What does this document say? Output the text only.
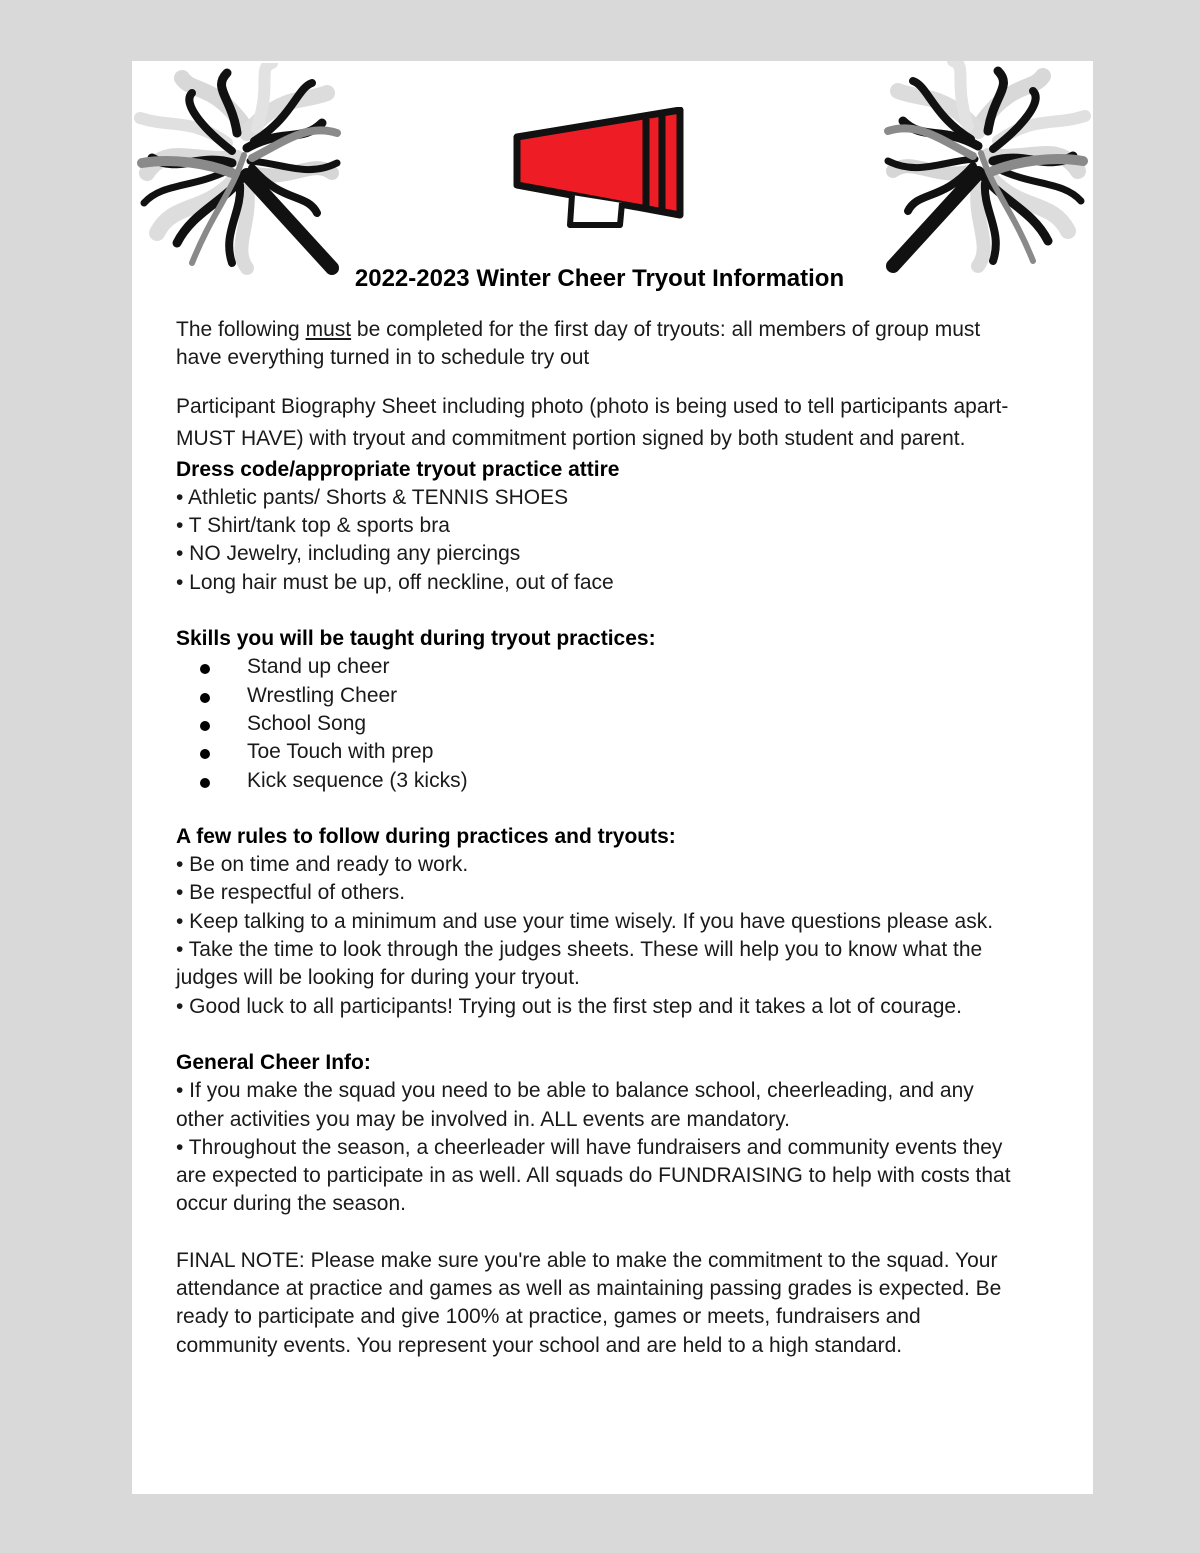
2022-2023 Winter Cheer Tryout Information

The following must be completed for the first day of tryouts: all members of group must have everything turned in to schedule try out

Participant Biography Sheet including photo (photo is being used to tell participants apart-MUST HAVE) with tryout and commitment portion signed by both student and parent.

Dress code/appropriate tryout practice attire
• Athletic pants/ Shorts & TENNIS SHOES
• T Shirt/tank top & sports bra
• NO Jewelry, including any piercings
• Long hair must be up, off neckline, out of face
Skills you will be taught during tryout practices:
Stand up cheer
Wrestling Cheer
School Song
Toe Touch with prep
Kick sequence (3 kicks)
A few rules to follow during practices and tryouts:
• Be on time and ready to work.
• Be respectful of others.
• Keep talking to a minimum and use your time wisely. If you have questions please ask.
• Take the time to look through the judges sheets. These will help you to know what the judges will be looking for during your tryout.
• Good luck to all participants! Trying out is the first step and it takes a lot of courage.
General Cheer Info:
• If you make the squad you need to be able to balance school, cheerleading, and any other activities you may be involved in. ALL events are mandatory.
• Throughout the season, a cheerleader will have fundraisers and community events they are expected to participate in as well. All squads do FUNDRAISING to help with costs that occur during the season.

FINAL NOTE: Please make sure you're able to make the commitment to the squad. Your attendance at practice and games as well as maintaining passing grades is expected. Be ready to participate and give 100% at practice, games or meets, fundraisers and community events. You represent your school and are held to a high standard.
